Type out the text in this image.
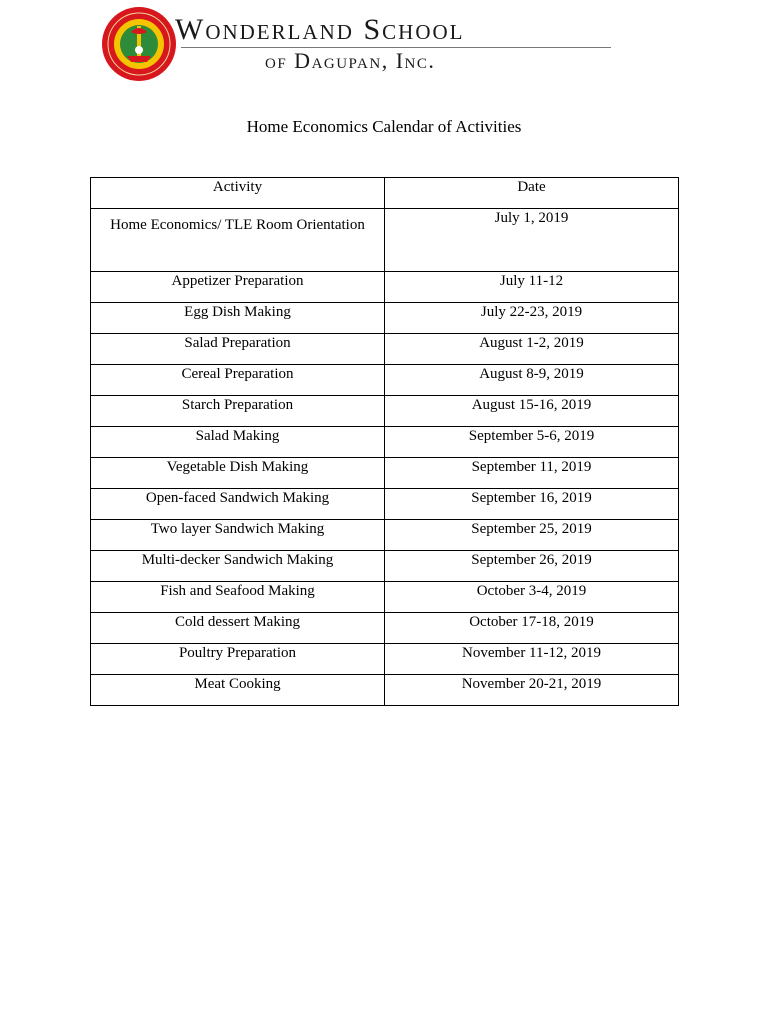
Wonderland School
of Dagupan, Inc.
Home Economics Calendar of Activities
Activity	Date
Home Economics/ TLE Room Orientation	July 1, 2019
Appetizer Preparation	July 11-12
Egg Dish Making	July 22-23, 2019
Salad Preparation	August 1-2, 2019
Cereal Preparation	August 8-9, 2019
Starch Preparation	August 15-16, 2019
Salad Making	September 5-6, 2019
Vegetable Dish Making	September 11, 2019
Open-faced Sandwich Making	September 16, 2019
Two layer Sandwich Making	September 25, 2019
Multi-decker Sandwich Making	September 26, 2019
Fish and Seafood Making	October 3-4, 2019
Cold dessert Making	October 17-18, 2019
Poultry Preparation	November 11-12, 2019
Meat Cooking	November 20-21, 2019
